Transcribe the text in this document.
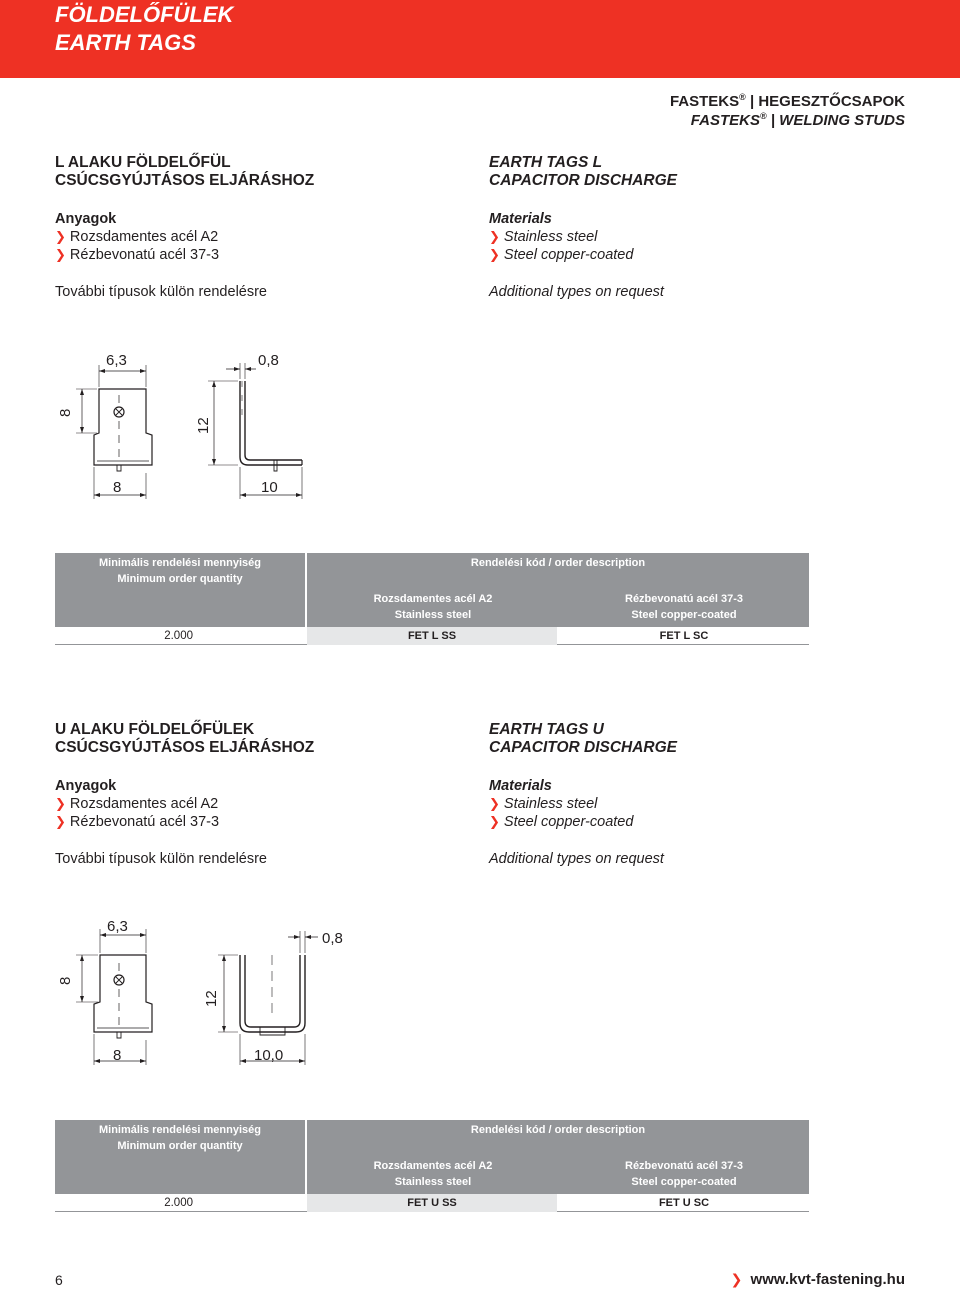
FÖLDELŐFÜLEK
EARTH TAGS
FASTEKS® | HEGESZTŐCSAPOK
FASTEKS® | WELDING STUDS
L ALAKU FÖLDELŐFÜL
CSÚCSGYÚJTÁSOS ELJÁRÁSHOZ
Anyagok
❯ Rozsdamentes acél A2
❯ Rézbevonatú acél 37-3
További típusok külön rendelésre
EARTH TAGS L
CAPACITOR DISCHARGE
Materials
❯ Stainless steel
❯ Steel copper-coated
Additional types on request
6,3	0,8
8
12
8	10
Minimális rendelési mennyiség
Minimum order quantity
Rendelési kód / order description
Rozsdamentes acél A2
Stainless steel
Rézbevonatú acél 37-3
Steel copper-coated
2.000	FET L SS	FET L SC
U ALAKU FÖLDELŐFÜLEK
CSÚCSGYÚJTÁSOS ELJÁRÁSHOZ
Anyagok
❯ Rozsdamentes acél A2
❯ Rézbevonatú acél 37-3
További típusok külön rendelésre
EARTH TAGS U
CAPACITOR DISCHARGE
Materials
❯ Stainless steel
❯ Steel copper-coated
Additional types on request
6,3
0,8
8
12
8	10,0
Minimális rendelési mennyiség
Minimum order quantity
Rendelési kód / order description
Rozsdamentes acél A2
Stainless steel
Rézbevonatú acél 37-3
Steel copper-coated
2.000	FET U SS	FET U SC
6	❯ www.kvt-fastening.hu
